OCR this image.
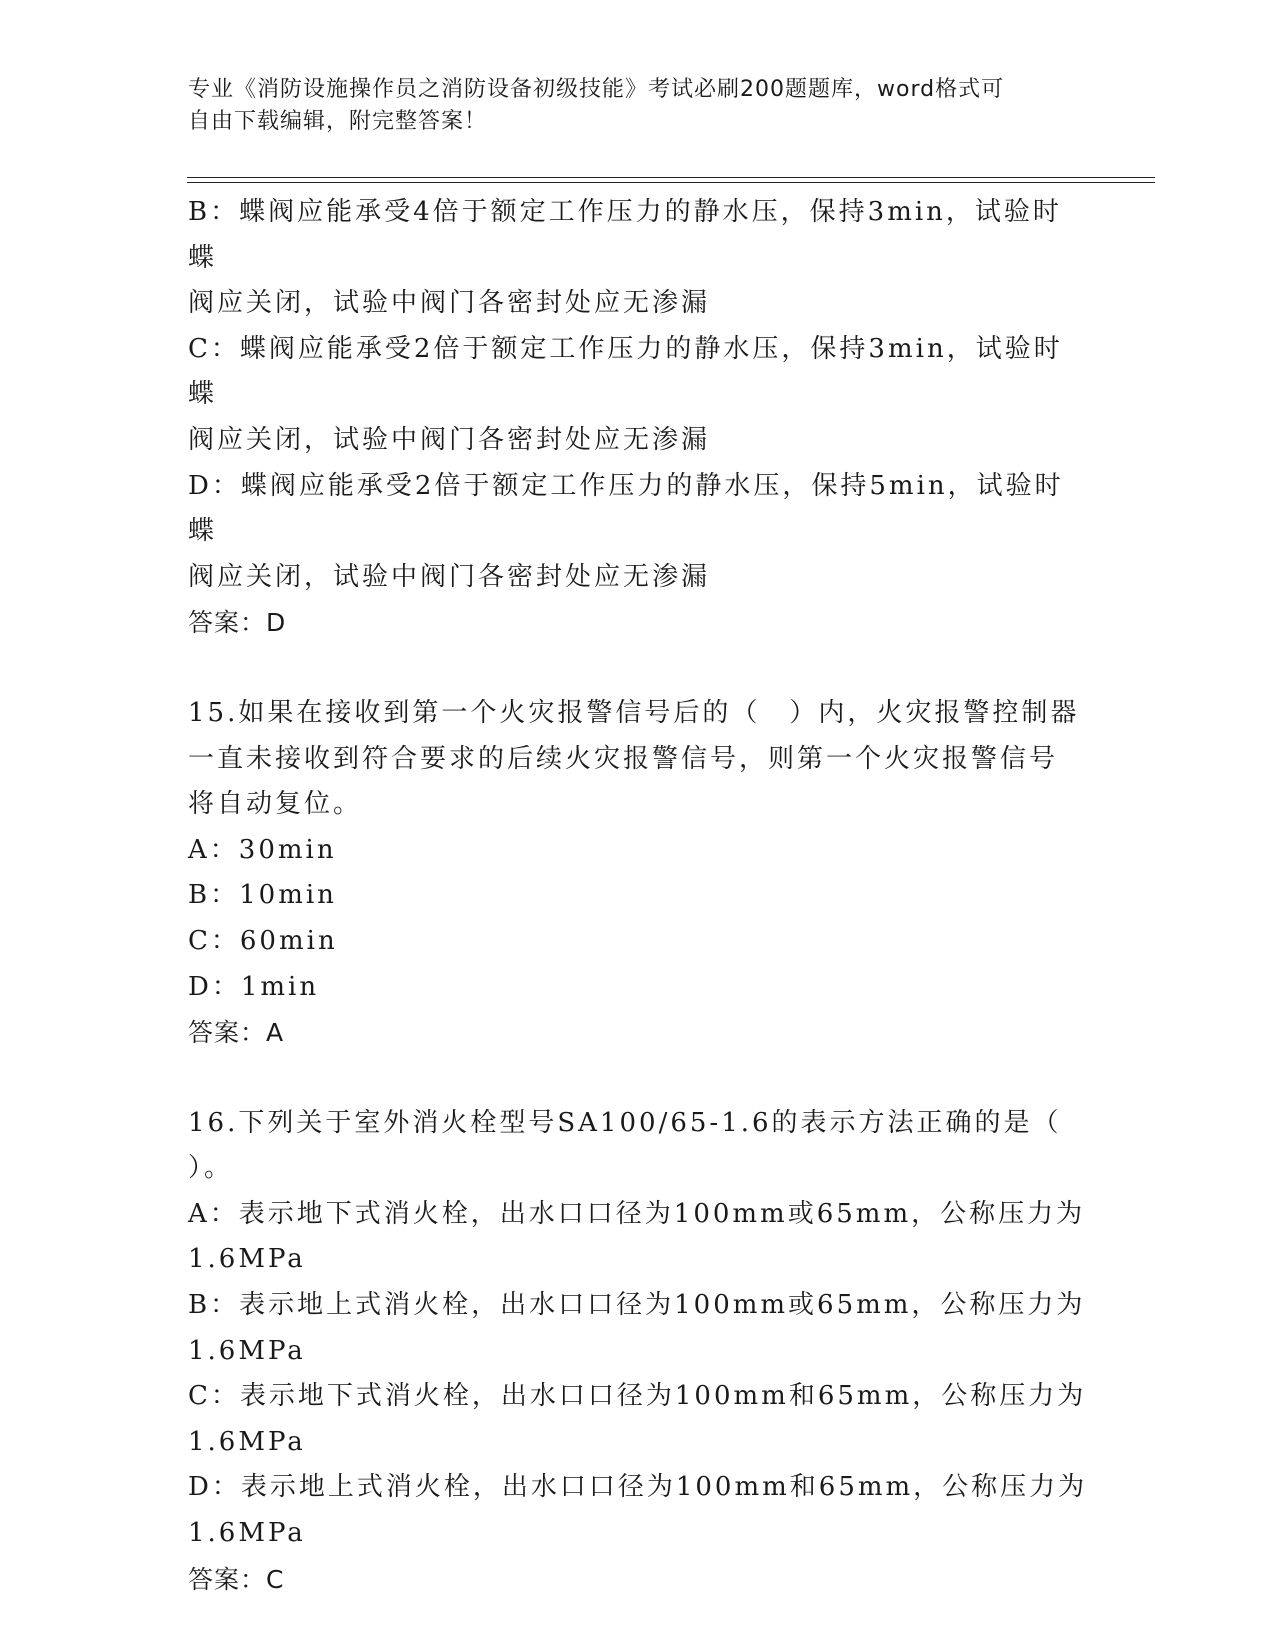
专业《消防设施操作员之消防设备初级技能》考试必刷200题题库，word格式可
自由下载编辑，附完整答案！

B：蝶阀应能承受4倍于额定工作压力的静水压，保持3min，试验时蝶

阀应关闭，试验中阀门各密封处应无渗漏

C：蝶阀应能承受2倍于额定工作压力的静水压，保持3min，试验时蝶

阀应关闭，试验中阀门各密封处应无渗漏

D：蝶阀应能承受2倍于额定工作压力的静水压，保持5min，试验时蝶

阀应关闭，试验中阀门各密封处应无渗漏

答案：D

15.如果在接收到第一个火灾报警信号后的（　）内，火灾报警控制器

一直未接收到符合要求的后续火灾报警信号，则第一个火灾报警信号

将自动复位。

A：30min

B：10min

C：60min

D：1min

答案：A

16.下列关于室外消火栓型号SA100/65-1.6的表示方法正确的是（

）。

A：表示地下式消火栓，出水口口径为100mm或65mm，公称压力为

1.6MPa

B：表示地上式消火栓，出水口口径为100mm或65mm，公称压力为

1.6MPa

C：表示地下式消火栓，出水口口径为100mm和65mm，公称压力为

1.6MPa

D：表示地上式消火栓，出水口口径为100mm和65mm，公称压力为

1.6MPa

答案：C
